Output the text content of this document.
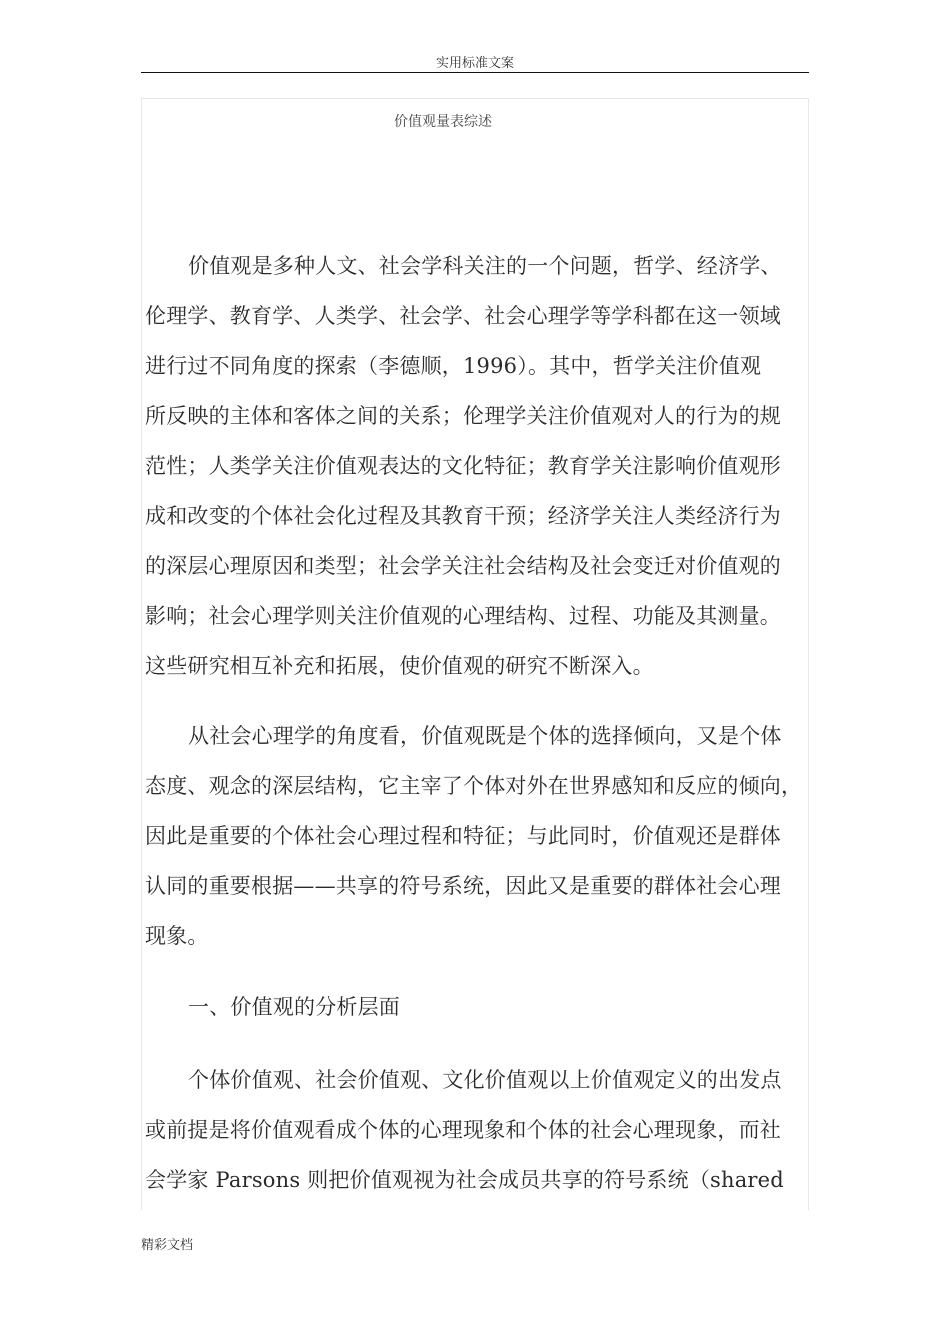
实用标准文案
价值观量表综述
价值观是多种人文、社会学科关注的一个问题，哲学、经济学、
伦理学、教育学、人类学、社会学、社会心理学等学科都在这一领域
进行过不同角度的探索（李德顺，1996）。其中，哲学关注价值观
所反映的主体和客体之间的关系；伦理学关注价值观对人的行为的规
范性；人类学关注价值观表达的文化特征；教育学关注影响价值观形
成和改变的个体社会化过程及其教育干预；经济学关注人类经济行为
的深层心理原因和类型；社会学关注社会结构及社会变迁对价值观的
影响；社会心理学则关注价值观的心理结构、过程、功能及其测量。
这些研究相互补充和拓展，使价值观的研究不断深入。
从社会心理学的角度看，价值观既是个体的选择倾向，又是个体
态度、观念的深层结构，它主宰了个体对外在世界感知和反应的倾向，
因此是重要的个体社会心理过程和特征；与此同时，价值观还是群体
认同的重要根据——共享的符号系统，因此又是重要的群体社会心理
现象。
一、价值观的分析层面
个体价值观、社会价值观、文化价值观以上价值观定义的出发点
或前提是将价值观看成个体的心理现象和个体的社会心理现象，而社
会学家 Parsons 则把价值观视为社会成员共享的符号系统（shared
精彩文档
